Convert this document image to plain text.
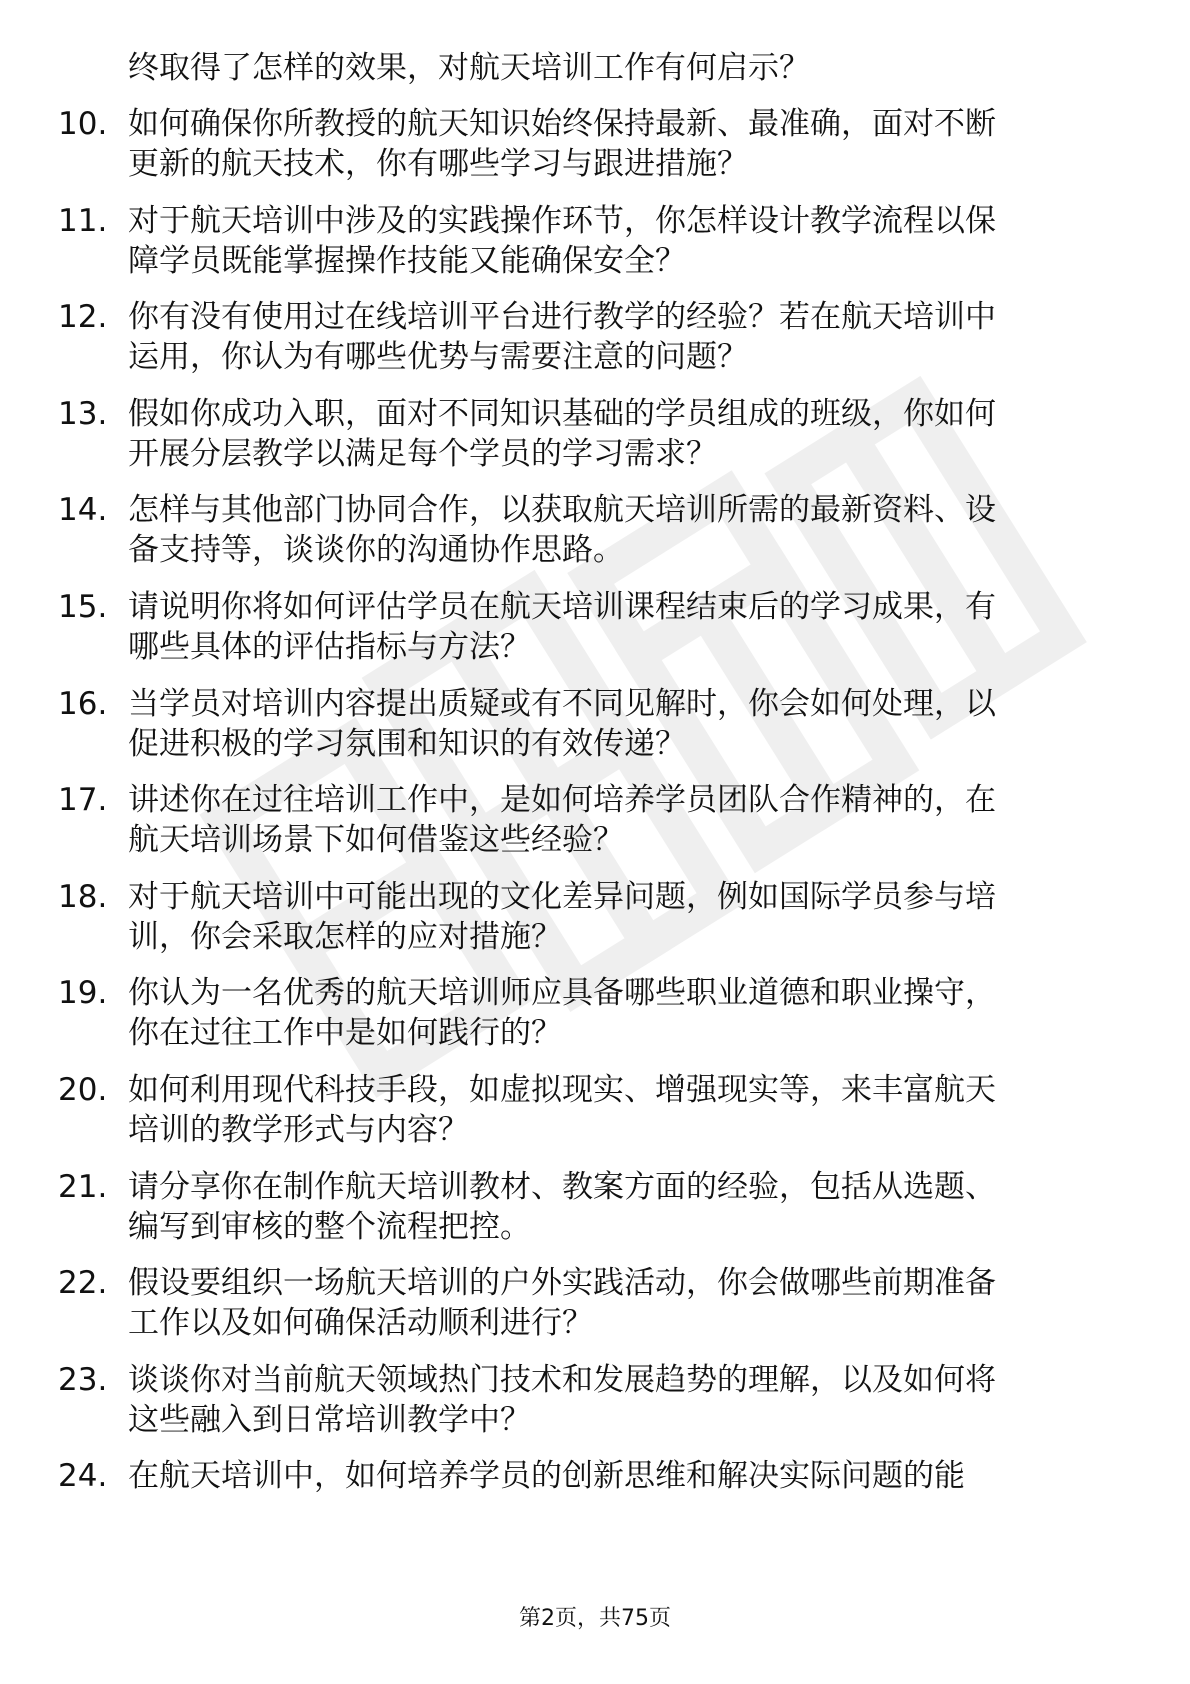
终取得了怎样的效果，对航天培训工作有何启示？
10. 如何确保你所教授的航天知识始终保持最新、最准确，面对不断
更新的航天技术，你有哪些学习与跟进措施？
11. 对于航天培训中涉及的实践操作环节，你怎样设计教学流程以保
障学员既能掌握操作技能又能确保安全？
12. 你有没有使用过在线培训平台进行教学的经验？若在航天培训中
运用，你认为有哪些优势与需要注意的问题？
13. 假如你成功入职，面对不同知识基础的学员组成的班级，你如何
开展分层教学以满足每个学员的学习需求？
14. 怎样与其他部门协同合作，以获取航天培训所需的最新资料、设
备支持等，谈谈你的沟通协作思路。
15. 请说明你将如何评估学员在航天培训课程结束后的学习成果，有
哪些具体的评估指标与方法？
16. 当学员对培训内容提出质疑或有不同见解时，你会如何处理，以
促进积极的学习氛围和知识的有效传递？
17. 讲述你在过往培训工作中，是如何培养学员团队合作精神的，在
航天培训场景下如何借鉴这些经验？
18. 对于航天培训中可能出现的文化差异问题，例如国际学员参与培
训，你会采取怎样的应对措施？
19. 你认为一名优秀的航天培训师应具备哪些职业道德和职业操守，
你在过往工作中是如何践行的？
20. 如何利用现代科技手段，如虚拟现实、增强现实等，来丰富航天
培训的教学形式与内容？
21. 请分享你在制作航天培训教材、教案方面的经验，包括从选题、
编写到审核的整个流程把控。
22. 假设要组织一场航天培训的户外实践活动，你会做哪些前期准备
工作以及如何确保活动顺利进行？
23. 谈谈你对当前航天领域热门技术和发展趋势的理解，以及如何将
这些融入到日常培训教学中？
24. 在航天培训中，如何培养学员的创新思维和解决实际问题的能
第2页，共75页
